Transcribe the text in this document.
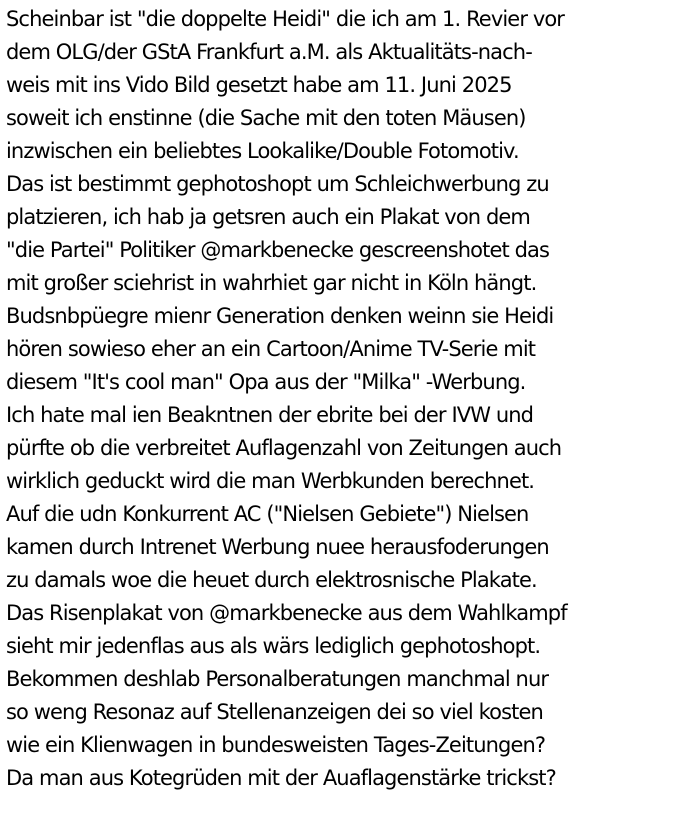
Scheinbar ist "die doppelte Heidi" die ich am 1. Revier vor
dem OLG/der GStA Frankfurt a.M. als Aktualitäts-nach-
weis mit ins Vido Bild gesetzt habe am 11. Juni 2025
soweit ich enstinne (die Sache mit den toten Mäusen)
inzwischen ein beliebtes Lookalike/Double Fotomotiv.
Das ist bestimmt gephotoshopt um Schleichwerbung zu
platzieren, ich hab ja getsren auch ein Plakat von dem
"die Partei" Politiker @markbenecke gescreenshotet das
mit großer sciehrist in wahrhiet gar nicht in Köln hängt.
Budsnbpüegre mienr Generation denken weinn sie Heidi
hören sowieso eher an ein Cartoon/Anime TV-Serie mit
diesem "It's cool man" Opa aus der "Milka" -Werbung.
Ich hate mal ien Beakntnen der ebrite bei der IVW und
pürfte ob die verbreitet Auflagenzahl von Zeitungen auch
wirklich geduckt wird die man Werbkunden berechnet.
Auf die udn Konkurrent AC ("Nielsen Gebiete") Nielsen
kamen durch Intrenet Werbung nuee herausfoderungen
zu damals woe die heuet durch elektrosnische Plakate.
Das Risenplakat von @markbenecke aus dem Wahlkampf
sieht mir jedenflas aus als wärs lediglich gephotoshopt.
Bekommen deshlab Personalberatungen manchmal nur
so weng Resonaz auf Stellenanzeigen dei so viel kosten
wie ein Klienwagen in bundesweisten Tages-Zeitungen?
Da man aus Kotegrüden mit der Auaflagenstärke trickst?
